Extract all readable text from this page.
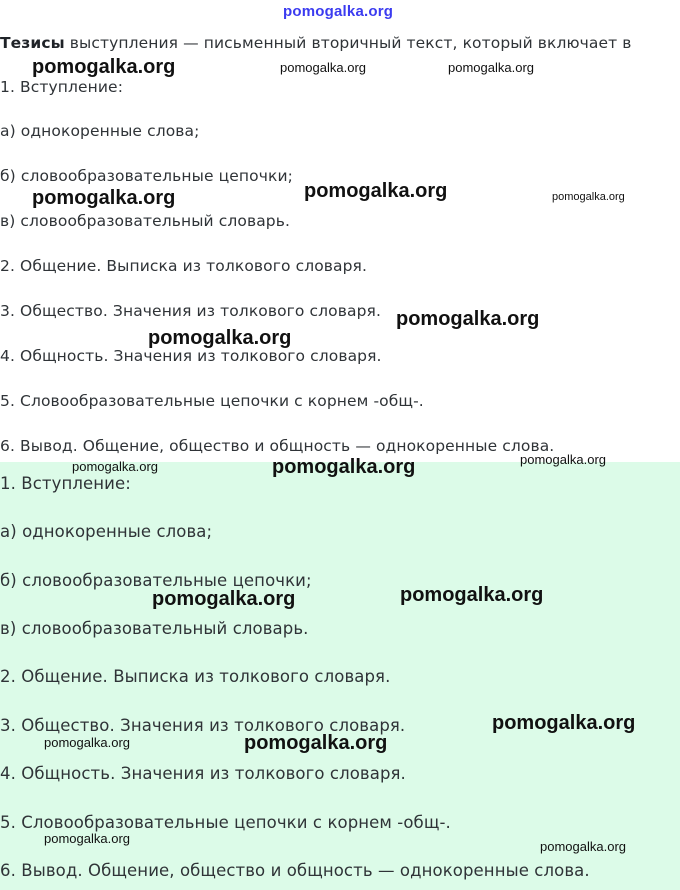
Тезисы выступления — письменный вторичный текст, который включает в
1. Вступление:
а) однокоренные слова;
б) словообразовательные цепочки;
в) словообразовательный словарь.
2. Общение. Выписка из толкового словаря.
3. Общество. Значения из толкового словаря.
4. Общность. Значения из толкового словаря.
5. Словообразовательные цепочки с корнем -общ-.
6. Вывод. Общение, общество и общность — однокоренные слова.
1. Вступление:
а) однокоренные слова;
б) словообразовательные цепочки;
в) словообразовательный словарь.
2. Общение. Выписка из толкового словаря.
3. Общество. Значения из толкового словаря.
4. Общность. Значения из толкового словаря.
5. Словообразовательные цепочки с корнем -общ-.
6. Вывод. Общение, общество и общность — однокоренные слова.
pomogalka.org
pomogalka.org	pomogalka.org	pomogalka.org
pomogalka.org	pomogalka.org	pomogalka.org
pomogalka.org
pomogalka.org
pomogalka.org	pomogalka.org	pomogalka.org
pomogalka.org	pomogalka.org
pomogalka.org
pomogalka.org	pomogalka.org
pomogalka.org
pomogalka.org
